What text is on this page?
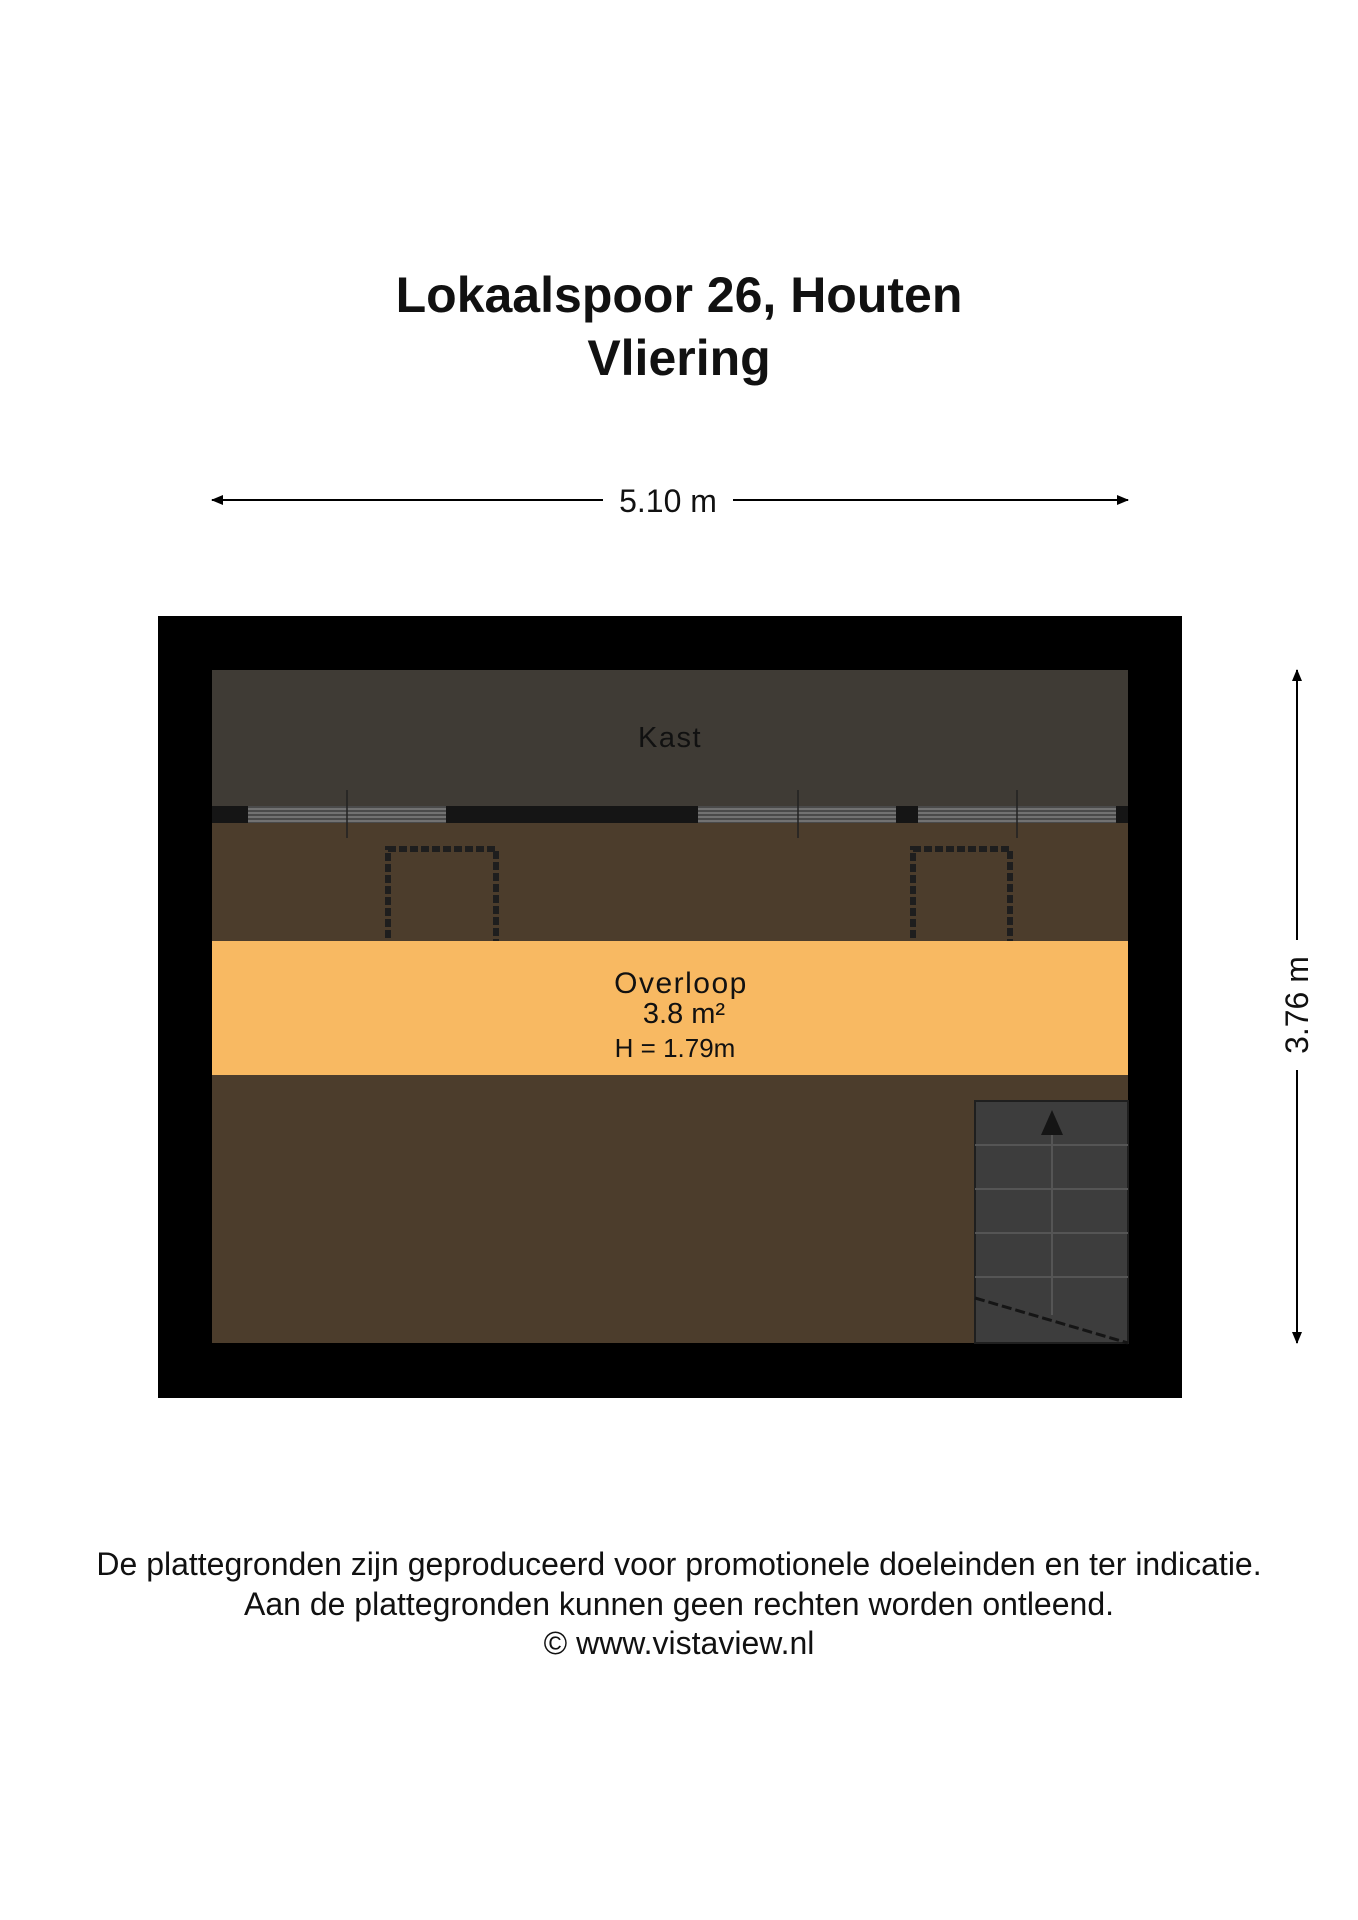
Lokaalspoor 26, Houten
Vliering
5.10 m
3.76 m
Kast
Overloop
3.8 m²
H = 1.79m
De plattegronden zijn geproduceerd voor promotionele doeleinden en ter indicatie.
Aan de plattegronden kunnen geen rechten worden ontleend.
© www.vistaview.nl
